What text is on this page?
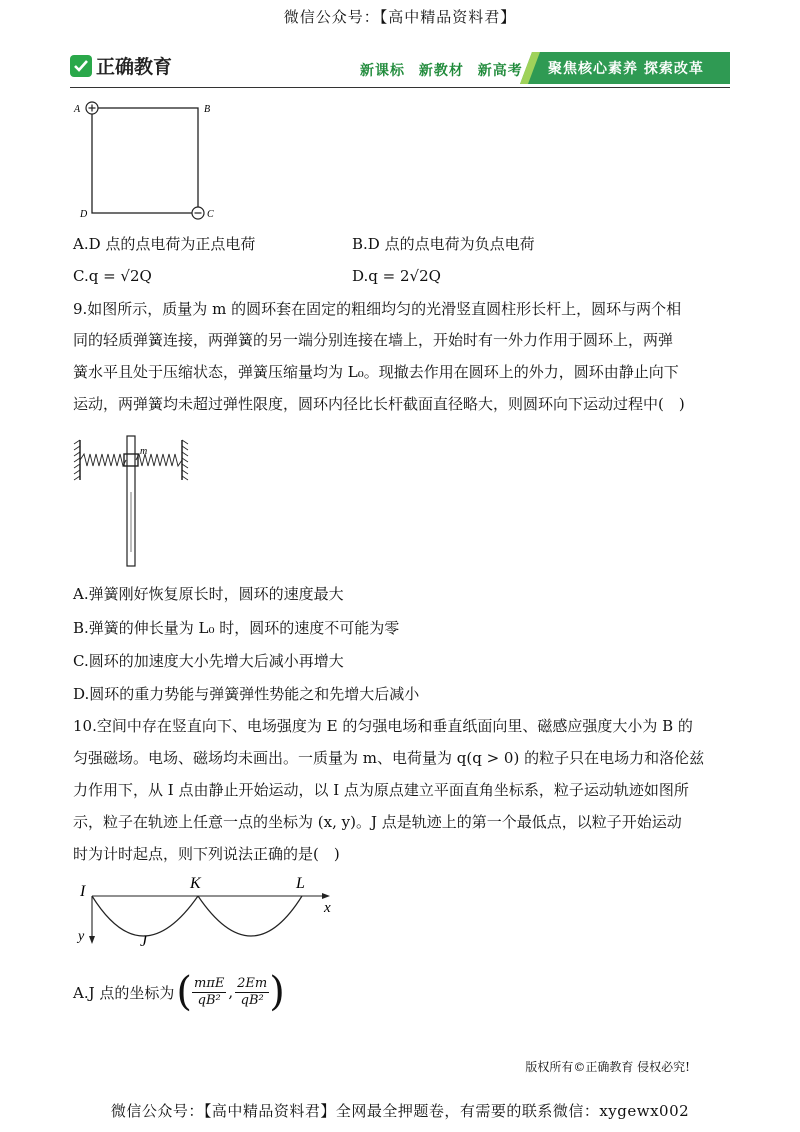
微信公众号：【高中精品资料君】
正确教育	新课标 新教材 新高考	聚焦核心素养 探索改革
A	B
C
D
A.D 点的点电荷为正点电荷	B.D 点的点电荷为负点电荷
C.q = √2Q	D.q = 2√2Q
9.如图所示，质量为 m 的圆环套在固定的粗细均匀的光滑竖直圆柱形长杆上，圆环与两个相
同的轻质弹簧连接，两弹簧的另一端分别连接在墙上，开始时有一外力作用于圆环上，两弹
簧水平且处于压缩状态，弹簧压缩量均为 L₀。现撤去作用在圆环上的外力，圆环由静止向下
运动，两弹簧均未超过弹性限度，圆环内径比长杆截面直径略大，则圆环向下运动过程中(　)
m
A.弹簧刚好恢复原长时，圆环的速度最大
B.弹簧的伸长量为 L₀ 时，圆环的速度不可能为零
C.圆环的加速度大小先增大后减小再增大
D.圆环的重力势能与弹簧弹性势能之和先增大后减小
10.空间中存在竖直向下、电场强度为 E 的匀强电场和垂直纸面向里、磁感应强度大小为 B 的
匀强磁场。电场、磁场均未画出。一质量为 m、电荷量为 q(q > 0) 的粒子只在电场力和洛伦兹
力作用下，从 I 点由静止开始运动，以 I 点为原点建立平面直角坐标系，粒子运动轨迹如图所
示，粒子在轨迹上任意一点的坐标为 (x, y)。J 点是轨迹上的第一个最低点，以粒子开始运动
时为计时起点，则下列说法正确的是(　)
I	K	L
J
x
y
A.J 点的坐标为 ( mπE
qB² , $\frac{2Em}{\text{qB²}}$ )
版权所有©正确教育 侵权必究!
微信公众号：【高中精品资料君】全网最全押题卷，有需要的联系微信：xygewx002
